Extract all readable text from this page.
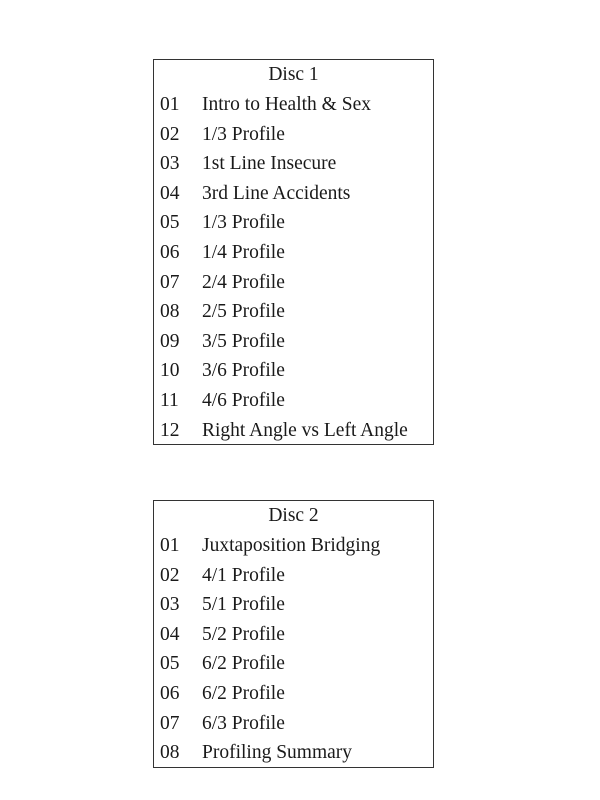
Disc 1
01 Intro to Health & Sex
02 1/3 Profile
03 1st Line Insecure
04 3rd Line Accidents
05 1/3 Profile
06 1/4 Profile
07 2/4 Profile
08 2/5 Profile
09 3/5 Profile
10 3/6 Profile
11 4/6 Profile
12 Right Angle vs Left Angle
Disc 2
01 Juxtaposition Bridging
02 4/1 Profile
03 5/1 Profile
04 5/2 Profile
05 6/2 Profile
06 6/2 Profile
07 6/3 Profile
08 Profiling Summary
